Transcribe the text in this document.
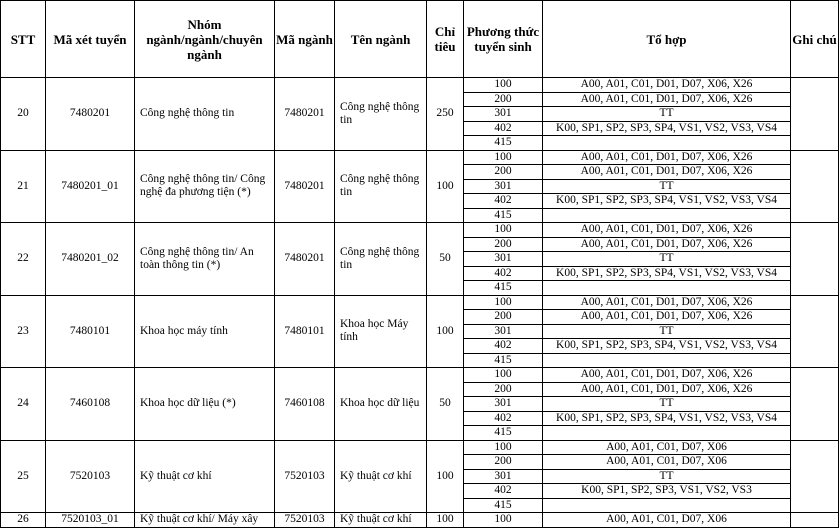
STT	Mã xét tuyển	Nhóm ngành/ngành/chuyên ngành	Mã ngành	Tên ngành	Chỉ tiêu	Phương thức tuyển sinh	Tổ hợp	Ghi chú
20	7480201	Công nghệ thông tin	7480201	Công nghệ thông tin	250	100	A00, A01, C01, D01, D07, X06, X26	
						200	A00, A01, C01, D01, D07, X06, X26	
						301	TT	
						402	K00, SP1, SP2, SP3, SP4, VS1, VS2, VS3, VS4	
						415		
21	7480201_01	Công nghệ thông tin/ Công nghệ đa phương tiện (*)	7480201	Công nghệ thông tin	100	100	A00, A01, C01, D01, D07, X06, X26	
						200	A00, A01, C01, D01, D07, X06, X26	
						301	TT	
						402	K00, SP1, SP2, SP3, SP4, VS1, VS2, VS3, VS4	
						415		
22	7480201_02	Công nghệ thông tin/ An toàn thông tin (*)	7480201	Công nghệ thông tin	50	100	A00, A01, C01, D01, D07, X06, X26	
						200	A00, A01, C01, D01, D07, X06, X26	
						301	TT	
						402	K00, SP1, SP2, SP3, SP4, VS1, VS2, VS3, VS4	
						415		
23	7480101	Khoa học máy tính	7480101	Khoa học Máy tính	100	100	A00, A01, C01, D01, D07, X06, X26	
						200	A00, A01, C01, D01, D07, X06, X26	
						301	TT	
						402	K00, SP1, SP2, SP3, SP4, VS1, VS2, VS3, VS4	
						415		
24	7460108	Khoa học dữ liệu (*)	7460108	Khoa học dữ liệu	50	100	A00, A01, C01, D01, D07, X06, X26	
						200	A00, A01, C01, D01, D07, X06, X26	
						301	TT	
						402	K00, SP1, SP2, SP3, SP4, VS1, VS2, VS3, VS4	
						415		
25	7520103	Kỹ thuật cơ khí	7520103	Kỹ thuật cơ khí	100	100	A00, A01, C01, D07, X06	
						200	A00, A01, C01, D07, X06	
						301	TT	
						402	K00, SP1, SP2, SP3, VS1, VS2, VS3	
						415		
26	7520103_01	Kỹ thuật cơ khí/ Máy xây	7520103	Kỹ thuật cơ khí	100	100	A00, A01, C01, D07, X06	
